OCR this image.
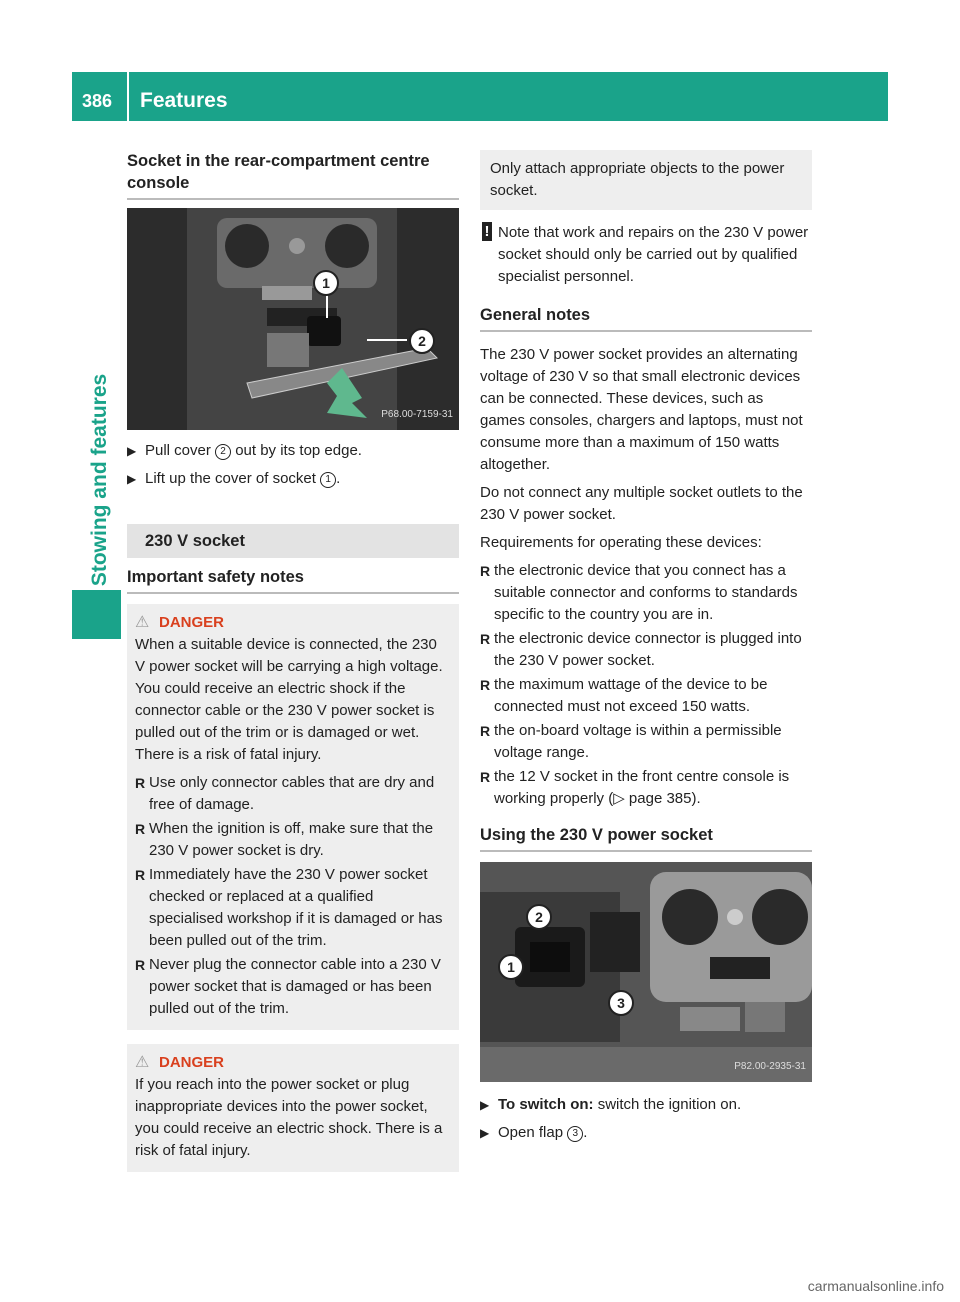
386 Features
Stowing and features
Socket in the rear-compartment centre console
1
2
P68.00-7159-31
▶ Pull cover 2 out by its top edge.
▶ Lift up the cover of socket 1 .
230 V socket
Important safety notes
⚠ DANGER

When a suitable device is connected, the 230 V power socket will be carrying a high voltage. You could receive an electric shock if the connector cable or the 230 V power socket is pulled out of the trim or is damaged or wet. There is a risk of fatal injury.

R Use only connector cables that are dry and free of damage.
R When the ignition is off, make sure that the 230 V power socket is dry.
R Immediately have the 230 V power socket checked or replaced at a qualified specialised workshop if it is damaged or has been pulled out of the trim.
R Never plug the connector cable into a 230 V power socket that is damaged or has been pulled out of the trim.
⚠ DANGER

If you reach into the power socket or plug inappropriate devices into the power socket, you could receive an electric shock. There is a risk of fatal injury.

Only attach appropriate objects to the power socket.
! Note that work and repairs on the 230 V power socket should only be carried out by qualified specialist personnel.
General notes

The 230 V power socket provides an alternating voltage of 230 V so that small electronic devices can be connected. These devices, such as games consoles, chargers and laptops, must not consume more than a maximum of 150 watts altogether.

Do not connect any multiple socket outlets to the 230 V power socket.

Requirements for operating these devices:

R the electronic device that you connect has a suitable connector and conforms to standards specific to the country you are in.
R the electronic device connector is plugged into the 230 V power socket.
R the maximum wattage of the device to be connected must not exceed 150 watts.
R the on-board voltage is within a permissible voltage range.
R the 12 V socket in the front centre console is working properly (▷ page 385).
Using the 230 V power socket
2
1
3
P82.00-2935-31
▶ To switch on: switch the ignition on.
▶ Open flap 3 .
carmanualsonline.info
